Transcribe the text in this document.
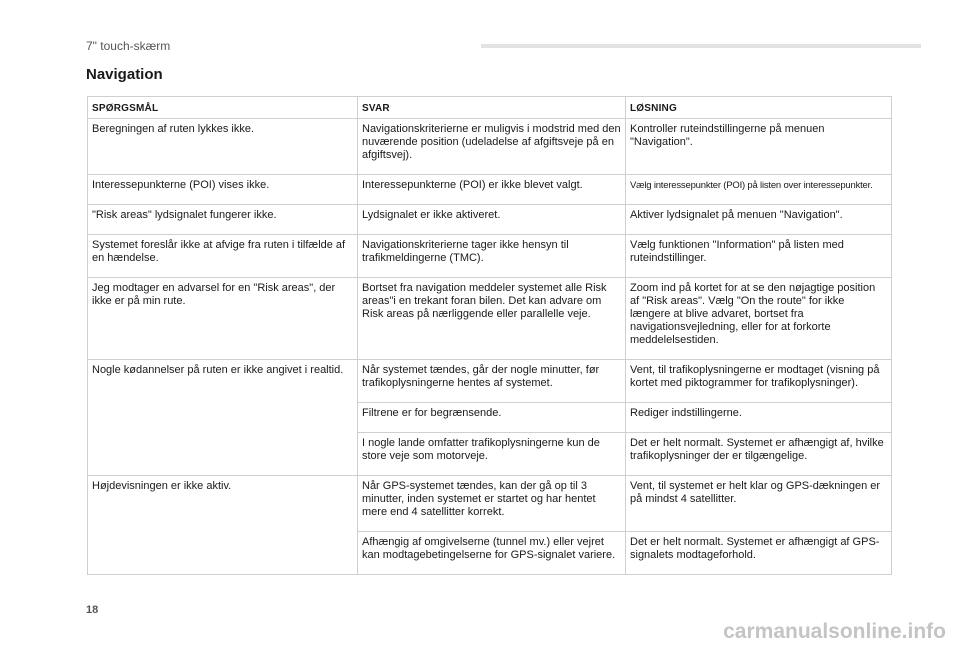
7" touch-skærm
Navigation
SPØRGSMÅL	SVAR	LØSNING
Beregningen af ruten lykkes ikke.	Navigationskriterierne er muligvis i modstrid med den nuværende position (udeladelse af afgiftsveje på en afgiftsvej).	Kontroller ruteindstillingerne på menuen "Navigation".
Interessepunkterne (POI) vises ikke.	Interessepunkterne (POI) er ikke blevet valgt.	Vælg interessepunkter (POI) på listen over interessepunkter.
"Risk areas" lydsignalet fungerer ikke.	Lydsignalet er ikke aktiveret.	Aktiver lydsignalet på menuen "Navigation".
Systemet foreslår ikke at afvige fra ruten i tilfælde af en hændelse.	Navigationskriterierne tager ikke hensyn til trafikmeldingerne (TMC).	Vælg funktionen "Information" på listen med ruteindstillinger.
Jeg modtager en advarsel for en "Risk areas", der ikke er på min rute.	Bortset fra navigation meddeler systemet alle Risk areas"i en trekant foran bilen. Det kan advare om Risk areas på nærliggende eller parallelle veje.	Zoom ind på kortet for at se den nøjagtige position af "Risk areas". Vælg "On the route" for ikke længere at blive advaret, bortset fra navigationsvejledning, eller for at forkorte meddelelsestiden.
Nogle kødannelser på ruten er ikke angivet i realtid.	Når systemet tændes, går der nogle minutter, før trafikoplysningerne hentes af systemet.	Vent, til trafikoplysningerne er modtaget (visning på kortet med piktogrammer for trafikoplysninger).
	Filtrene er for begrænsende.	Rediger indstillingerne.
	I nogle lande omfatter trafikoplysningerne kun de store veje som motorveje.	Det er helt normalt. Systemet er afhængigt af, hvilke trafikoplysninger der er tilgængelige.
Højdevisningen er ikke aktiv.	Når GPS-systemet tændes, kan der gå op til 3 minutter, inden systemet er startet og har hentet mere end 4 satellitter korrekt.	Vent, til systemet er helt klar og GPS-dækningen er på mindst 4 satellitter.
	Afhængig af omgivelserne (tunnel mv.) eller vejret kan modtagebetingelserne for GPS-signalet variere.	Det er helt normalt. Systemet er afhængigt af GPS-signalets modtageforhold.
18
carmanualsonline.info
